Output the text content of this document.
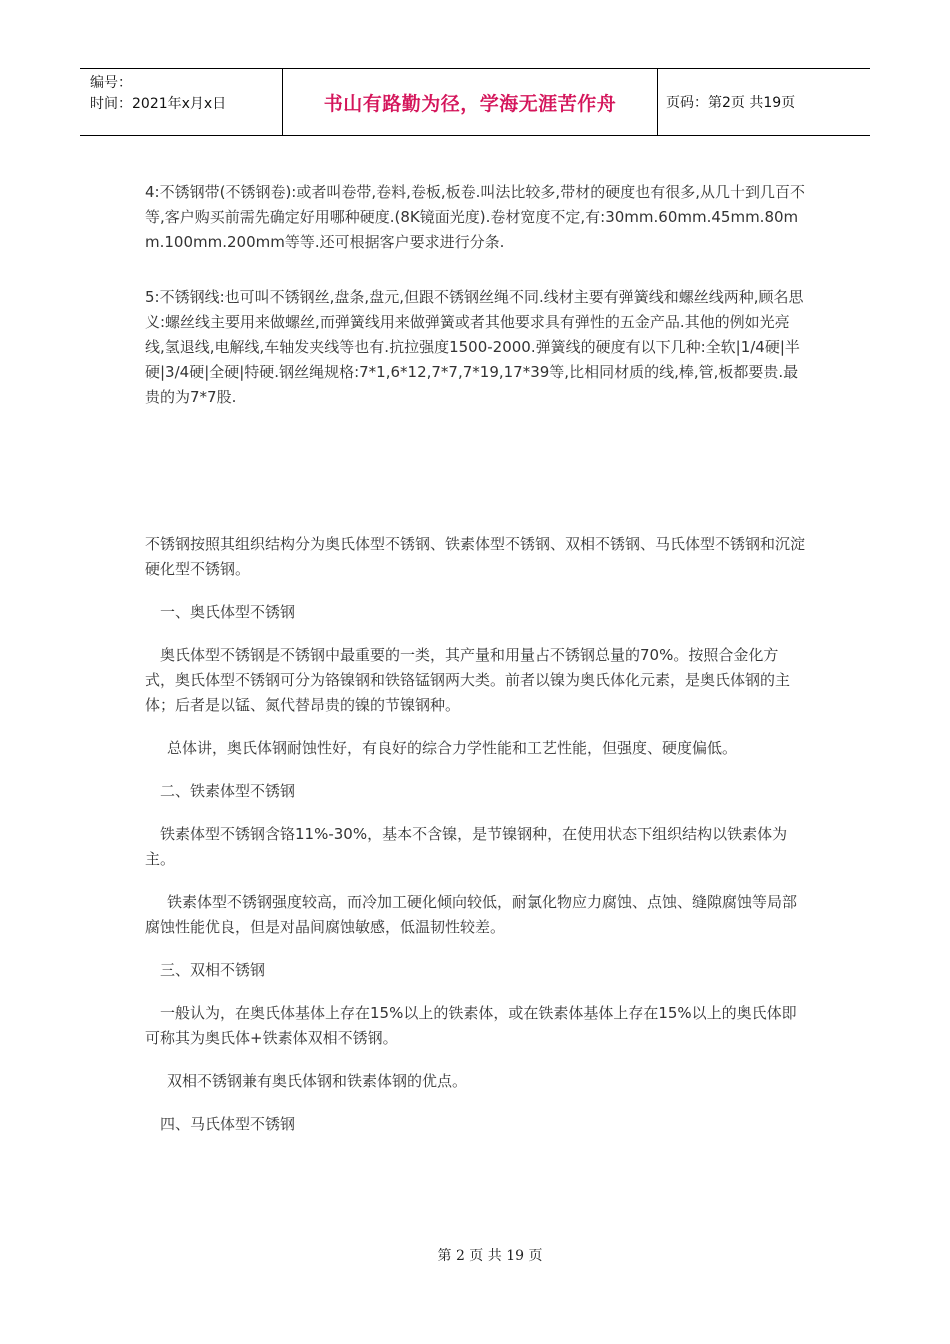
编号：
时间：2021年x月x日	书山有路勤为径，学海无涯苦作舟	页码：第2页 共19页

4:不锈钢带(不锈钢卷):或者叫卷带,卷料,卷板,板卷.叫法比较多,带材的硬度也有很多,从几十到几百不等,客户购买前需先确定好用哪种硬度.(8K镜面光度).卷材宽度不定,有:30mm.60mm.45mm.80mm.100mm.200mm等等.还可根据客户要求进行分条.

5:不锈钢线:也可叫不锈钢丝,盘条,盘元,但跟不锈钢丝绳不同.线材主要有弹簧线和螺丝线两种,顾名思义:螺丝线主要用来做螺丝,而弹簧线用来做弹簧或者其他要求具有弹性的五金产品.其他的例如光亮线,氢退线,电解线,车轴发夹线等也有.抗拉强度1500-2000.弹簧线的硬度有以下几种:全软|1/4硬|半硬|3/4硬|全硬|特硬.钢丝绳规格:7*1,6*12,7*7,7*19,17*39等,比相同材质的线,棒,管,板都要贵.最贵的为7*7股.

不锈钢按照其组织结构分为奥氏体型不锈钢、铁素体型不锈钢、双相不锈钢、马氏体型不锈钢和沉淀硬化型不锈钢。

一、奥氏体型不锈钢

奥氏体型不锈钢是不锈钢中最重要的一类，其产量和用量占不锈钢总量的70%。按照合金化方式，奥氏体型不锈钢可分为铬镍钢和铁铬锰钢两大类。前者以镍为奥氏体化元素，是奥氏体钢的主体；后者是以锰、氮代替昂贵的镍的节镍钢种。

总体讲，奥氏体钢耐蚀性好，有良好的综合力学性能和工艺性能，但强度、硬度偏低。

二、铁素体型不锈钢

铁素体型不锈钢含铬11%-30%，基本不含镍，是节镍钢种，在使用状态下组织结构以铁素体为主。

铁素体型不锈钢强度较高，而冷加工硬化倾向较低，耐氯化物应力腐蚀、点蚀、缝隙腐蚀等局部腐蚀性能优良，但是对晶间腐蚀敏感，低温韧性较差。

三、双相不锈钢

一般认为，在奥氏体基体上存在15%以上的铁素体，或在铁素体基体上存在15%以上的奥氏体即可称其为奥氏体+铁素体双相不锈钢。

双相不锈钢兼有奥氏体钢和铁素体钢的优点。

四、马氏体型不锈钢

第 2 页 共 19 页
